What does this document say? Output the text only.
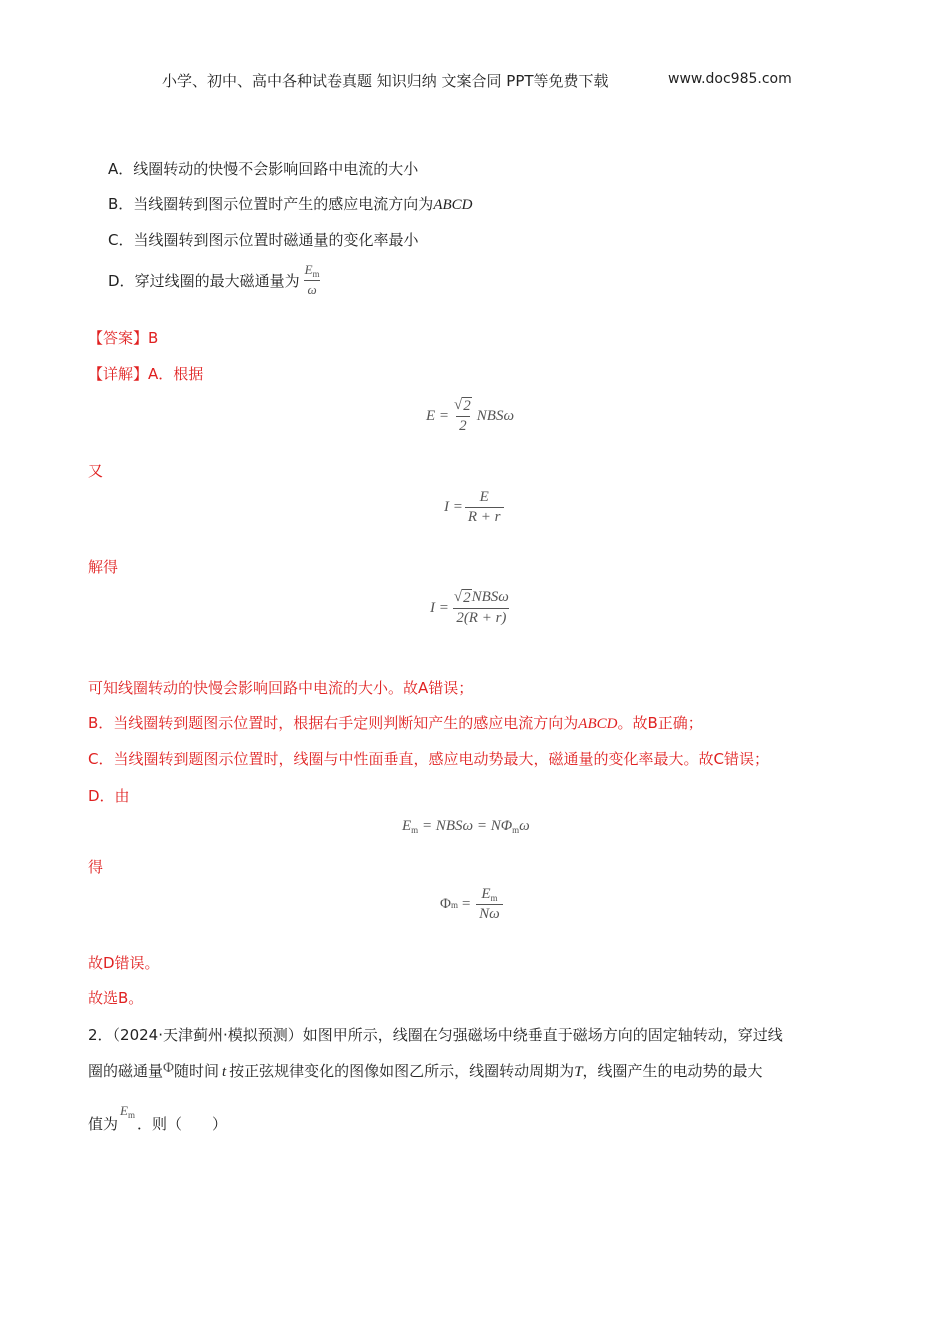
小学、初中、高中各种试卷真题 知识归纳 文案合同 PPT等免费下载	www.doc985.com
A．线圈转动的快慢不会影响回路中电流的大小
B．当线圈转到图示位置时产生的感应电流方向为ABCD
C．当线圈转到图示位置时磁通量的变化率最小
D． 穿过线圈的最大磁通量为 $\frac{E_m}{\omega}$
【答案】B
【详解】A．根据
$E = \frac{√ 2}{2}$ NBSω
又
$I = \frac{E}{R + r}$
解得
$I = \frac{\text{√ 2 NBSω}}{2(R + r)}$
可知线圈转动的快慢会影响回路中电流的大小。故A错误；
B．当线圈转到题图示位置时，根据右手定则判断知产生的感应电流方向为ABCD。故B正确；
C．当线圈转到题图示位置时，线圈与中性面垂直，感应电动势最大，磁通量的变化率最大。故C错误；
D．由
$E_m = NBS\omega = N\Phi_m\omega$
得
Φ $m = \frac{E_m}{N\omega}$
故D错误。
故选B。
2．（2024·天津蓟州·模拟预测）如图甲所示，线圈在匀强磁场中绕垂直于磁场方向的固定轴转动，穿过线
圈的磁通量Φ随时间 t 按正弦规律变化的图像如图乙所示，线圈转动周期为T，线圈产生的电动势的最大
值为
$E_m$ ．则（　　）
